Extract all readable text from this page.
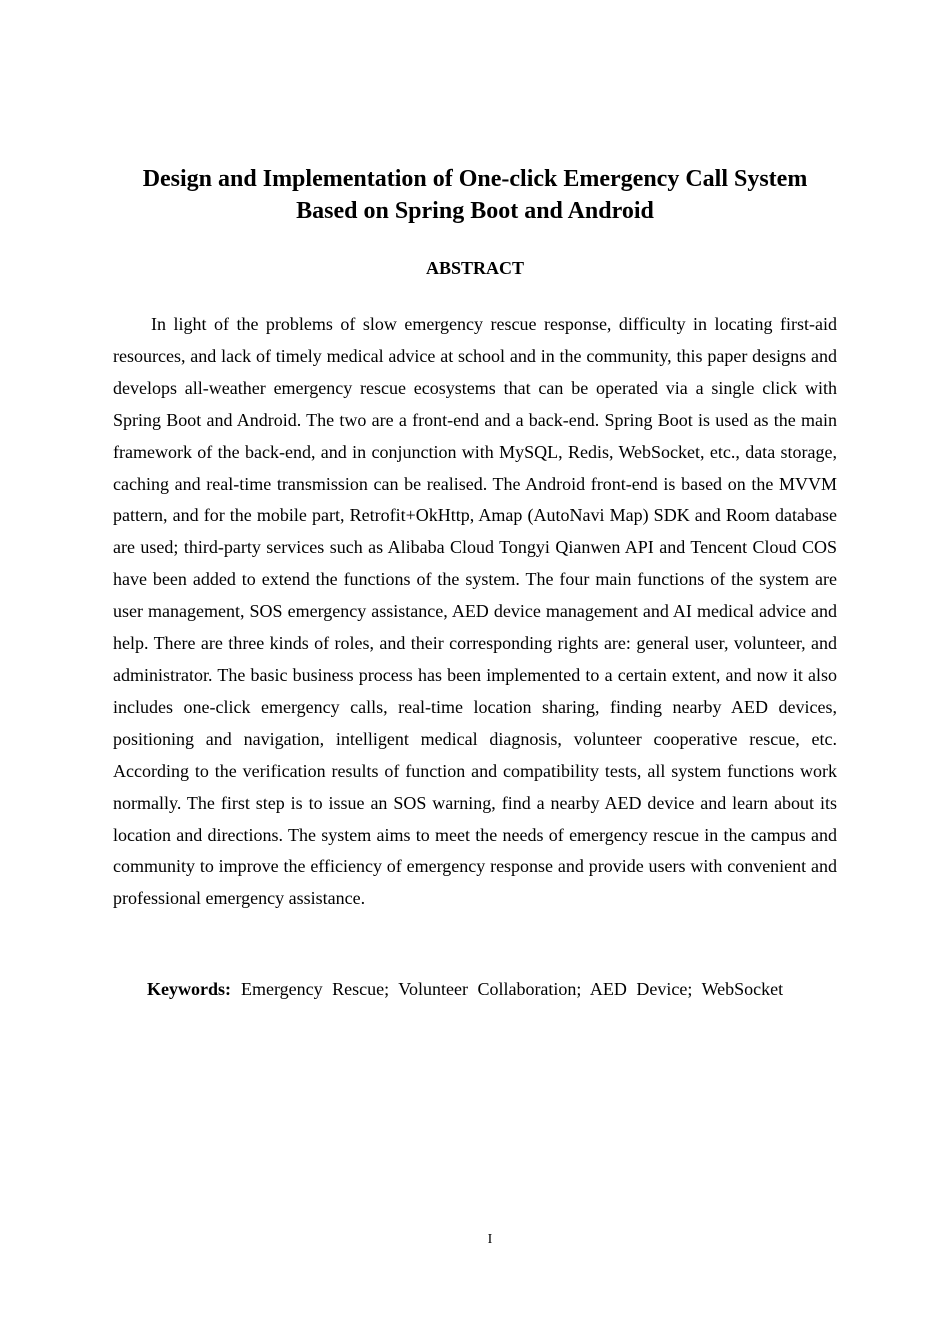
Design and Implementation of One-click Emergency Call System
Based on Spring Boot and Android
ABSTRACT

In light of the problems of slow emergency rescue response, difficulty in locating first-aid resources, and lack of timely medical advice at school and in the community, this paper designs and develops all-weather emergency rescue ecosystems that can be operated via a single click with Spring Boot and Android. The two are a front-end and a back-end. Spring Boot is used as the main framework of the back-end, and in conjunction with MySQL, Redis, WebSocket, etc., data storage, caching and real-time transmission can be realised. The Android front-end is based on the MVVM pattern, and for the mobile part, Retrofit+OkHttp, Amap (AutoNavi Map) SDK and Room database are used; third-party services such as Alibaba Cloud Tongyi Qianwen API and Tencent Cloud COS have been added to extend the functions of the system. The four main functions of the system are user management, SOS emergency assistance, AED device management and AI medical advice and help. There are three kinds of roles, and their corresponding rights are: general user, volunteer, and administrator. The basic business process has been implemented to a certain extent, and now it also includes one-click emergency calls, real-time location sharing, finding nearby AED devices, positioning and navigation, intelligent medical diagnosis, volunteer cooperative rescue, etc. According to the verification results of function and compatibility tests, all system functions work normally. The first step is to issue an SOS warning, find a nearby AED device and learn about its location and directions. The system aims to meet the needs of emergency rescue in the campus and community to improve the efficiency of emergency response and provide users with convenient and professional emergency assistance.

Keywords: Emergency Rescue; Volunteer Collaboration; AED Device; WebSocket

I
